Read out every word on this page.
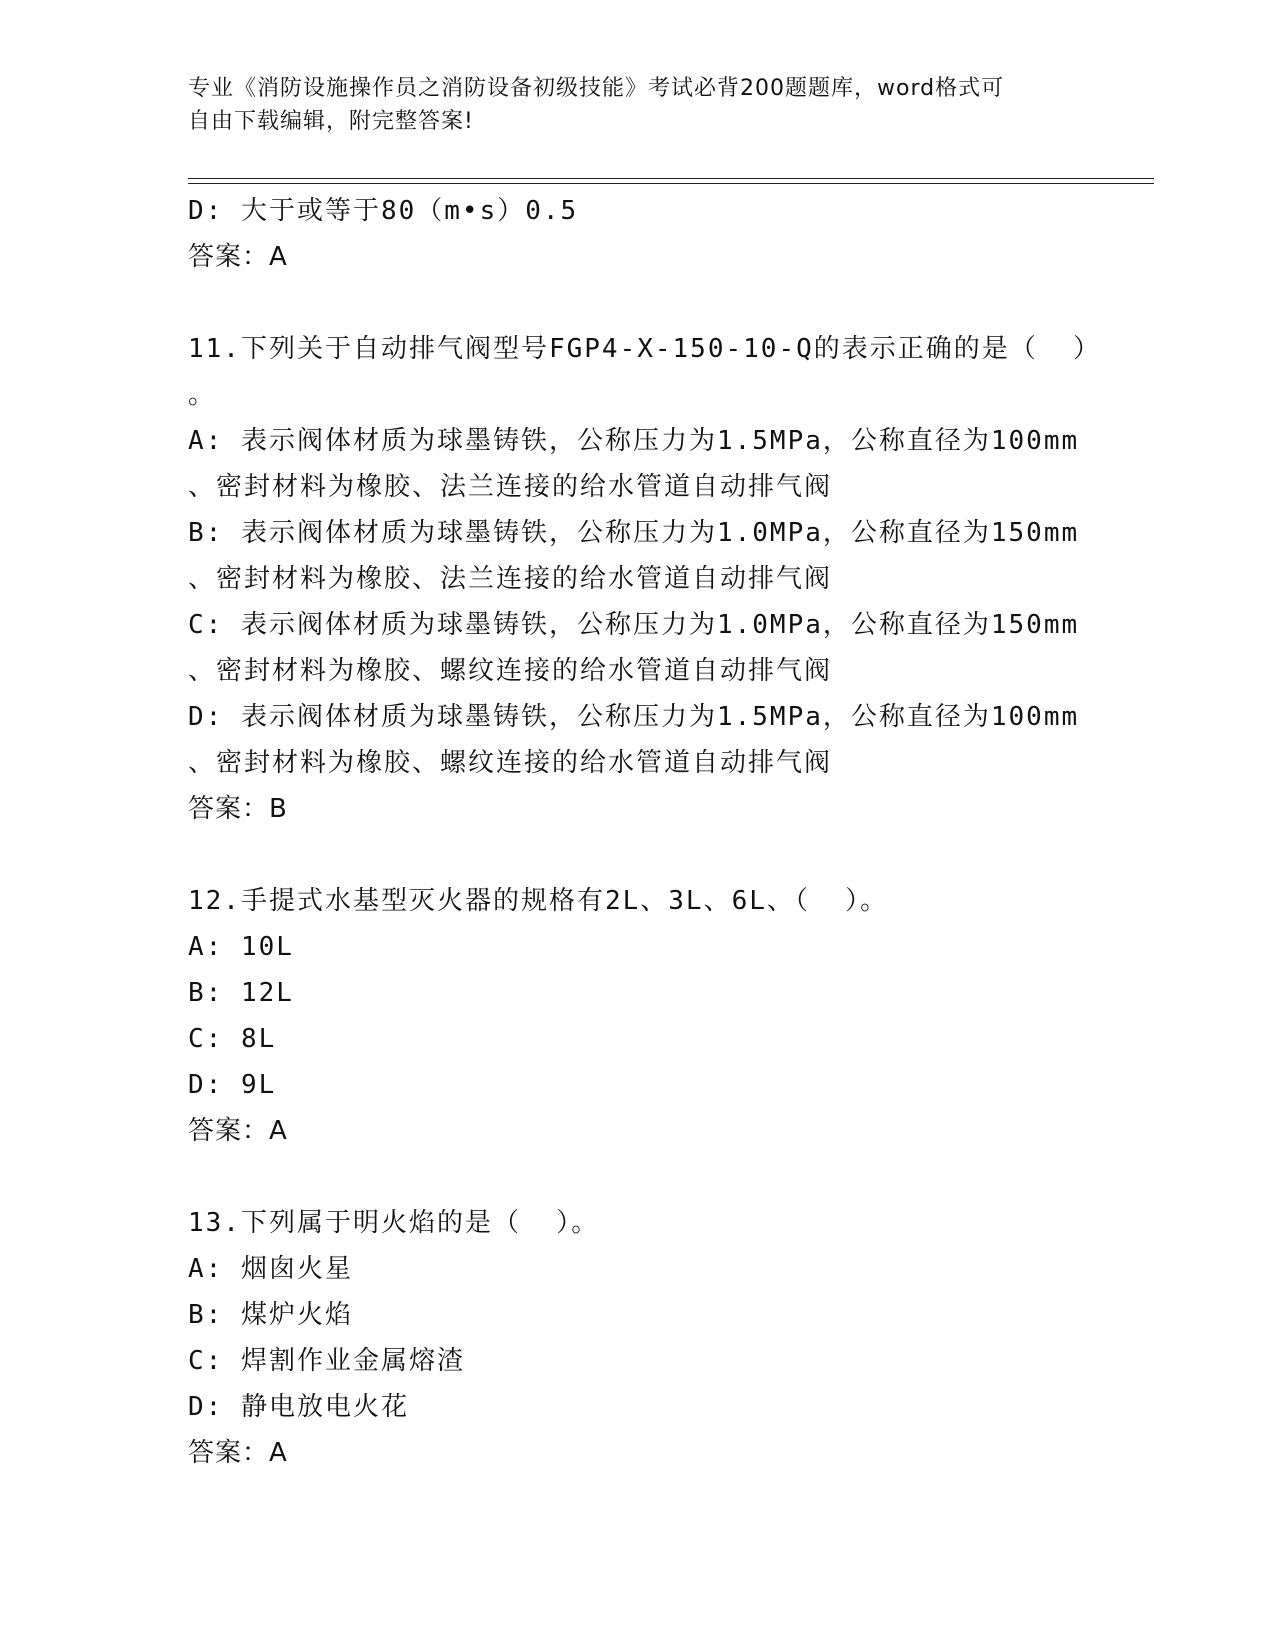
专业《消防设施操作员之消防设备初级技能》考试必背200题题库，word格式可
自由下载编辑，附完整答案!
D: 大于或等于80（m•s）0.5
答案：A
11.下列关于自动排气阀型号FGP4-X-150-10-Q的表示正确的是（  ）
。
A: 表示阀体材质为球墨铸铁，公称压力为1.5MPa，公称直径为100mm
、密封材料为橡胶、法兰连接的给水管道自动排气阀
B: 表示阀体材质为球墨铸铁，公称压力为1.0MPa，公称直径为150mm
、密封材料为橡胶、法兰连接的给水管道自动排气阀
C: 表示阀体材质为球墨铸铁，公称压力为1.0MPa，公称直径为150mm
、密封材料为橡胶、螺纹连接的给水管道自动排气阀
D: 表示阀体材质为球墨铸铁，公称压力为1.5MPa，公称直径为100mm
、密封材料为橡胶、螺纹连接的给水管道自动排气阀
答案：B
12.手提式水基型灭火器的规格有2L、3L、6L、（  ）。
A: 10L
B: 12L
C: 8L
D: 9L
答案：A
13.下列属于明火焰的是（  ）。
A: 烟囱火星
B: 煤炉火焰
C: 焊割作业金属熔渣
D: 静电放电火花
答案：A
